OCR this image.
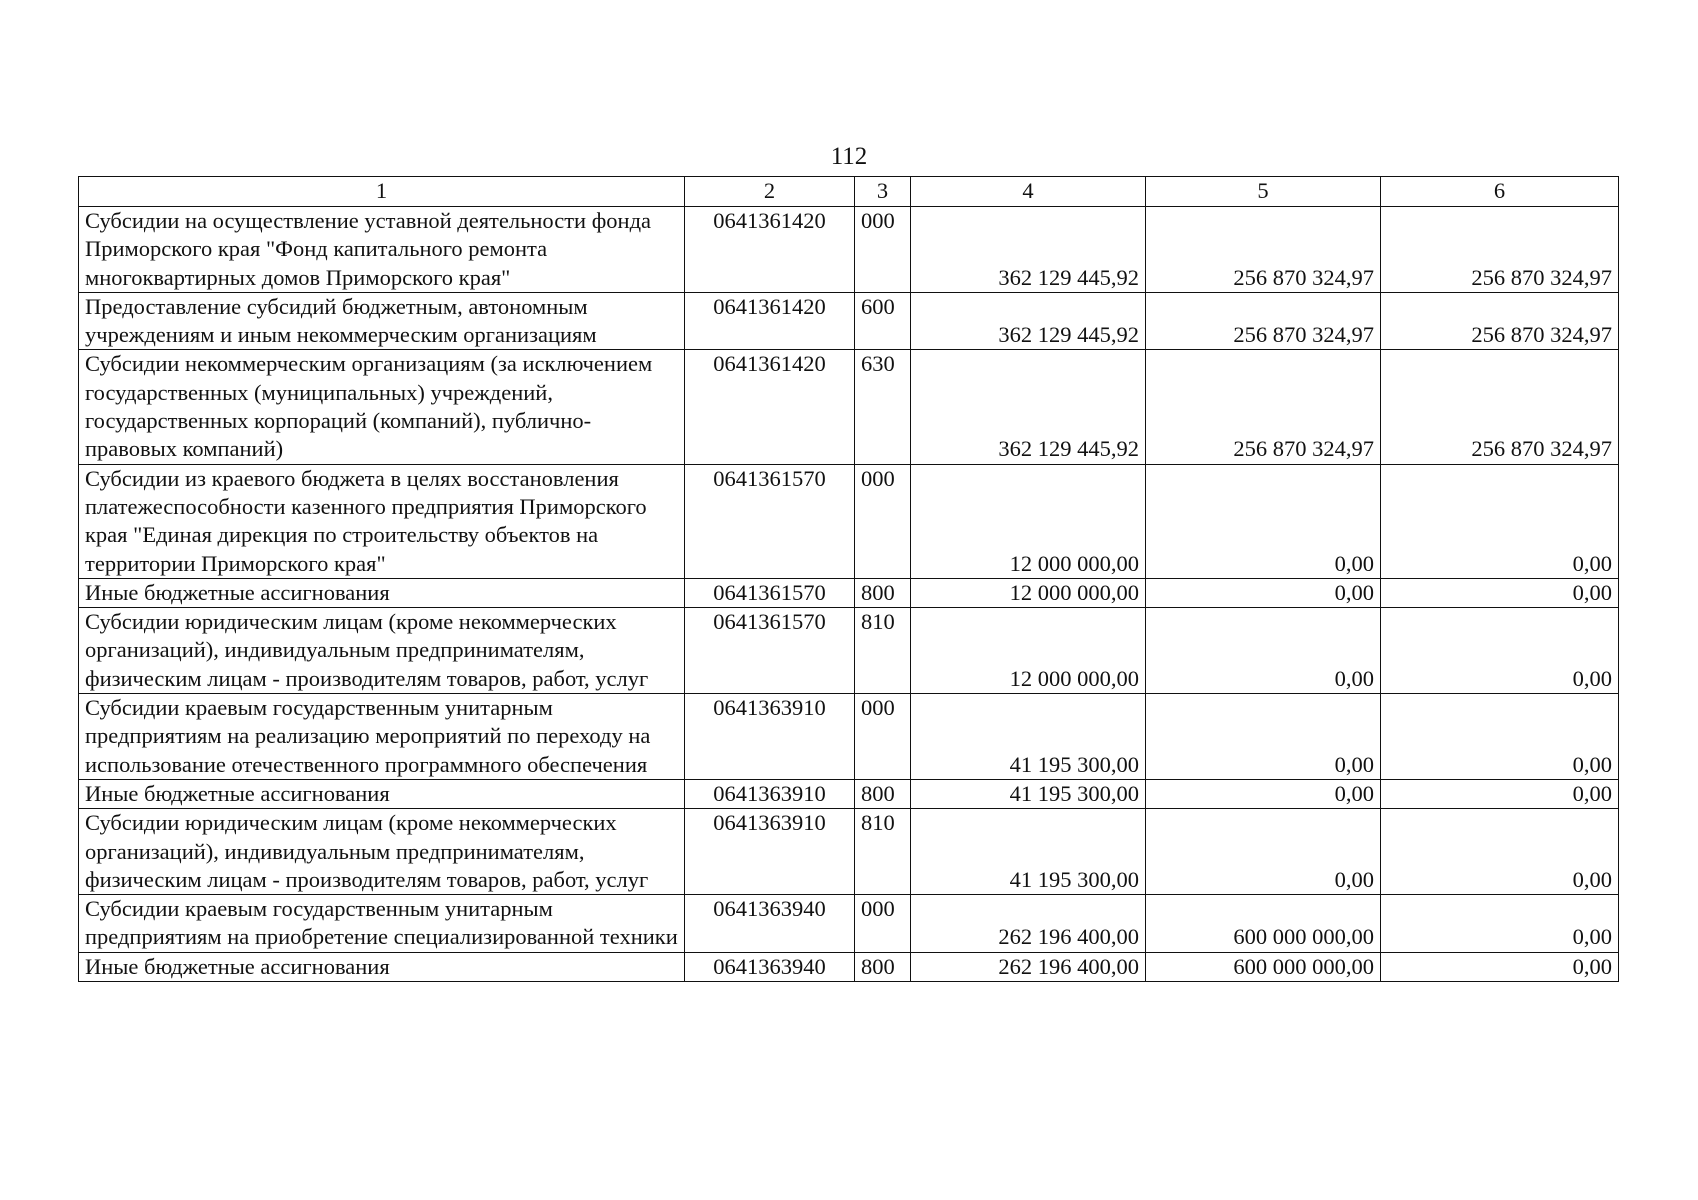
112
1	2	3	4	5	6
Субсидии на осуществление уставной деятельности фонда Приморского края "Фонд капитального ремонта многоквартирных домов Приморского края"	0641361420	000	362 129 445,92	256 870 324,97	256 870 324,97
Предоставление субсидий бюджетным, автономным учреждениям и иным некоммерческим организациям	0641361420	600	362 129 445,92	256 870 324,97	256 870 324,97
Субсидии некоммерческим организациям (за исключением государственных (муниципальных) учреждений, государственных корпораций (компаний), публично-правовых компаний)	0641361420	630	362 129 445,92	256 870 324,97	256 870 324,97
Субсидии из краевого бюджета в целях восстановления платежеспособности казенного предприятия Приморского края "Единая дирекция по строительству объектов на территории Приморского края"	0641361570	000	12 000 000,00	0,00	0,00
Иные бюджетные ассигнования	0641361570	800	12 000 000,00	0,00	0,00
Субсидии юридическим лицам (кроме некоммерческих организаций), индивидуальным предпринимателям, физическим лицам - производителям товаров, работ, услуг	0641361570	810	12 000 000,00	0,00	0,00
Субсидии краевым государственным унитарным предприятиям на реализацию мероприятий по переходу на использование отечественного программного обеспечения	0641363910	000	41 195 300,00	0,00	0,00
Иные бюджетные ассигнования	0641363910	800	41 195 300,00	0,00	0,00
Субсидии юридическим лицам (кроме некоммерческих организаций), индивидуальным предпринимателям, физическим лицам - производителям товаров, работ, услуг	0641363910	810	41 195 300,00	0,00	0,00
Субсидии краевым государственным унитарным предприятиям на приобретение специализированной техники	0641363940	000	262 196 400,00	600 000 000,00	0,00
Иные бюджетные ассигнования	0641363940	800	262 196 400,00	600 000 000,00	0,00
